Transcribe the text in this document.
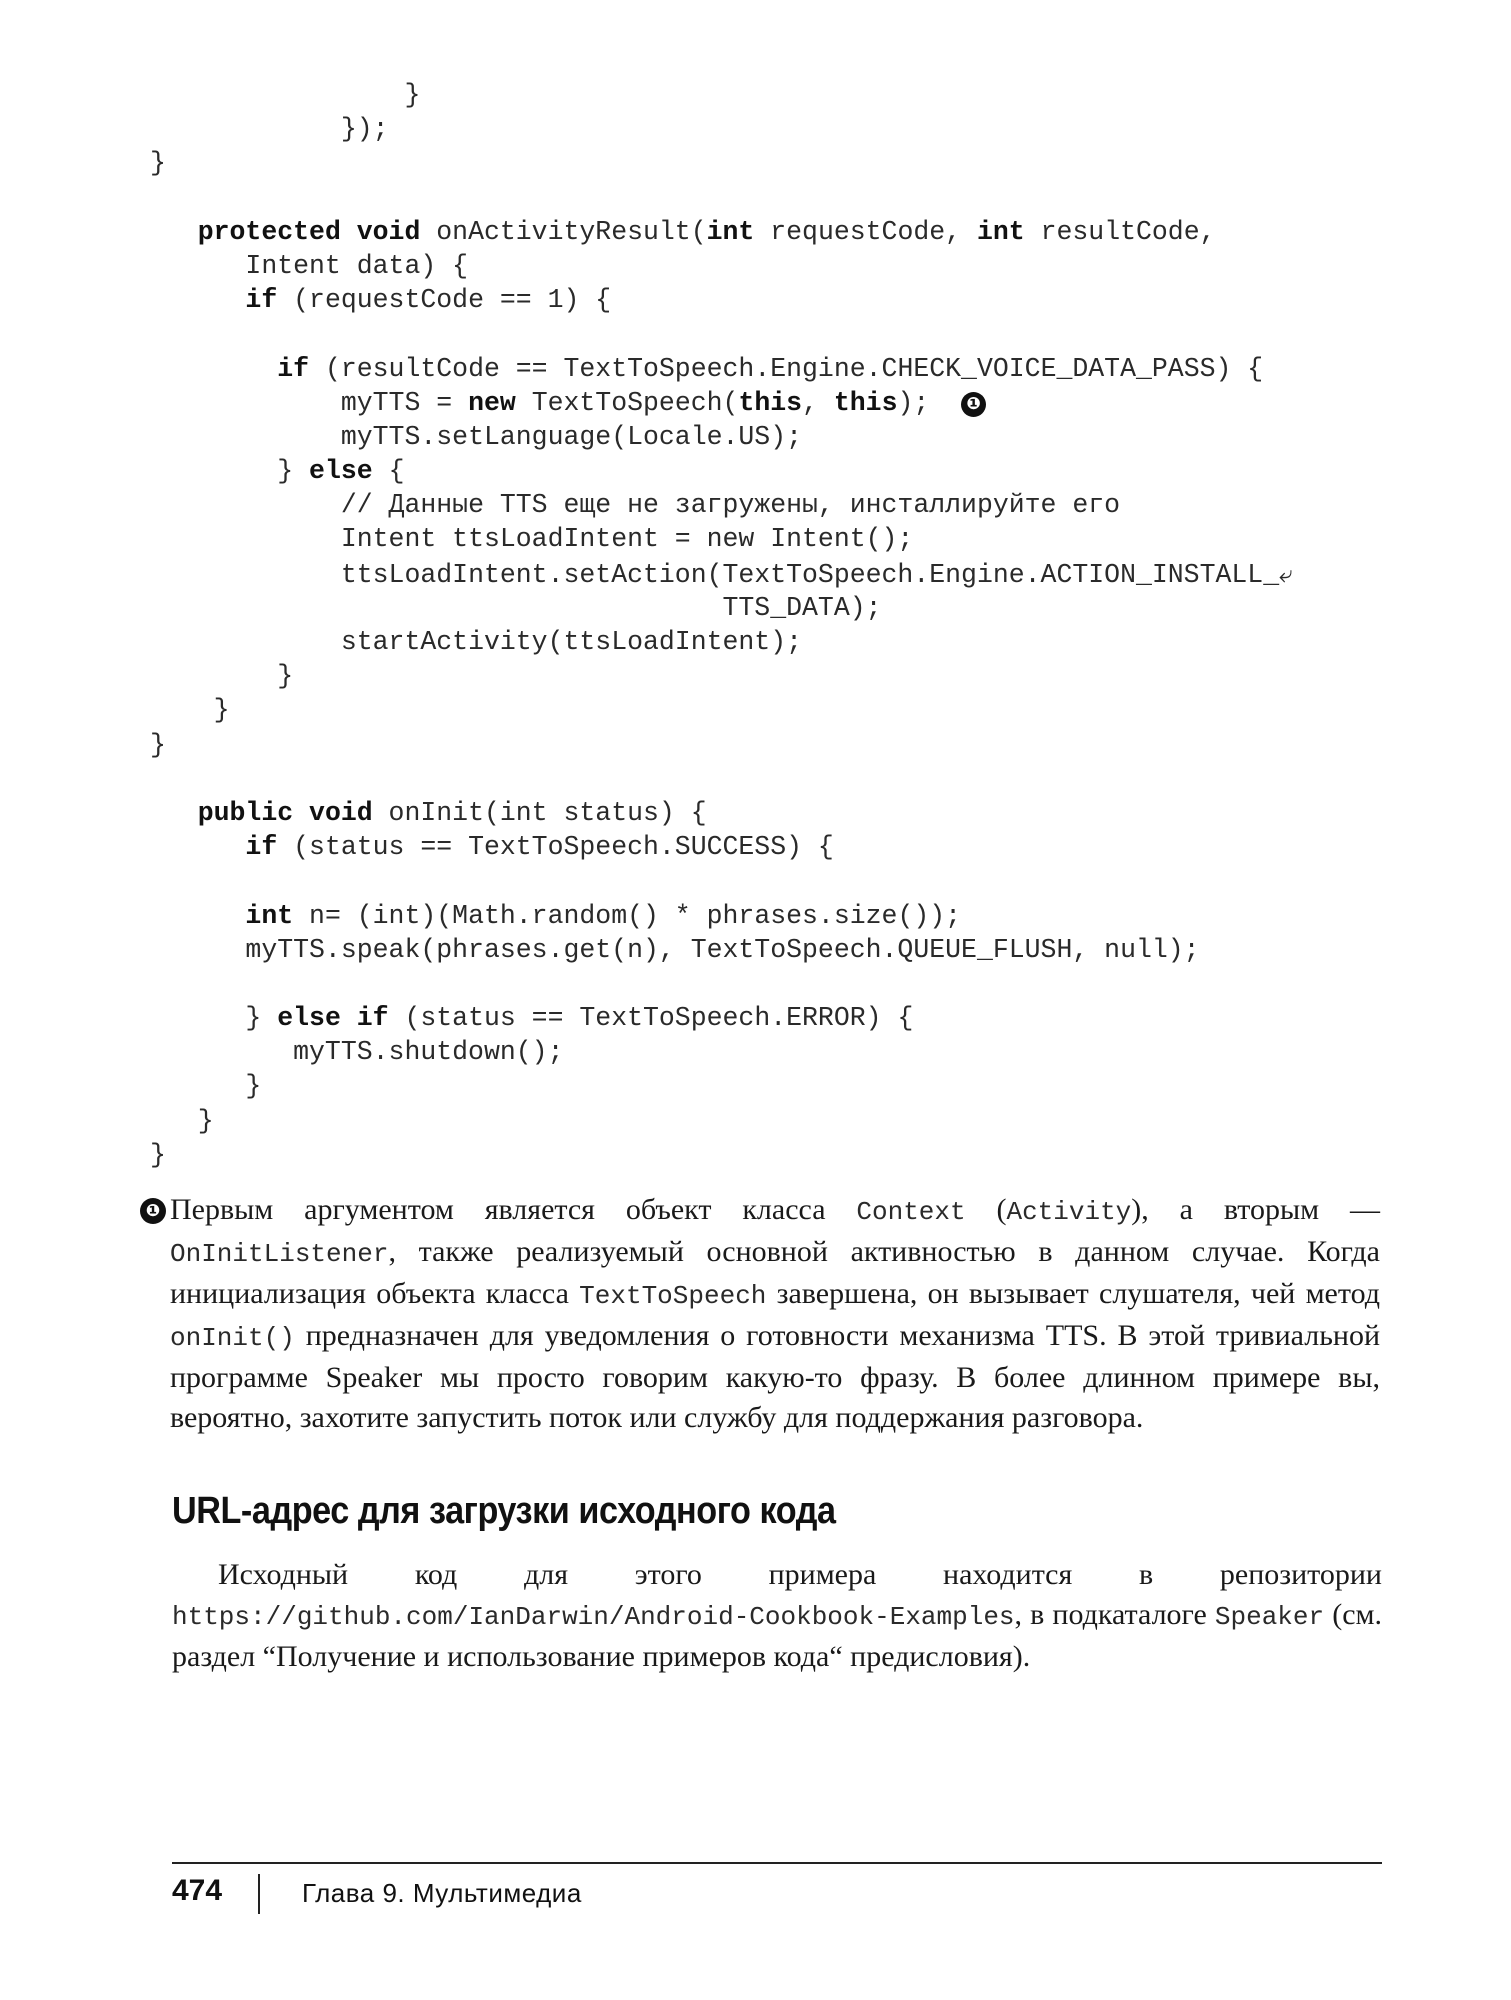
}
});
}
protected void onActivityResult(int requestCode, int resultCode,
Intent data) {
if (requestCode == 1) {
if (resultCode == TextToSpeech.Engine.CHECK_VOICE_DATA_PASS) {
myTTS = new TextToSpeech(this, this); ❶
myTTS.setLanguage(Locale.US);
} else {
// Данные TTS еще не загружены, инсталлируйте его
Intent ttsLoadIntent = new Intent();
ttsLoadIntent.setAction(TextToSpeech.Engine.ACTION_INSTALL_⤶
TTS_DATA);
startActivity(ttsLoadIntent);
}
}
}
public void onInit(int status) {
if (status == TextToSpeech.SUCCESS) {
int n= (int)(Math.random() * phrases.size());
myTTS.speak(phrases.get(n), TextToSpeech.QUEUE_FLUSH, null);
} else if (status == TextToSpeech.ERROR) {
myTTS.shutdown();
}
}
}
❶ Первым аргументом является объект класса Context (Activity), а вторым — OnInitListener, также реализуемый основной активностью в данном случае. Когда инициализация объекта класса TextToSpeech завершена, он вызывает слушателя, чей метод onInit() предназначен для уведомления о готовности механизма TTS. В этой тривиальной программе Speaker мы просто говорим какую-то фразу. В более длинном примере вы, вероятно, захотите запустить поток или службу для поддержания разговора.
URL-адрес для загрузки исходного кода
Исходный код для этого примера находится в репозитории https://github.com/IanDarwin/Android-Cookbook-Examples, в подкаталоге Speaker (см. раздел “Получение и использование примеров кода“ предисловия).
474	Глава 9. Мультимедиа
